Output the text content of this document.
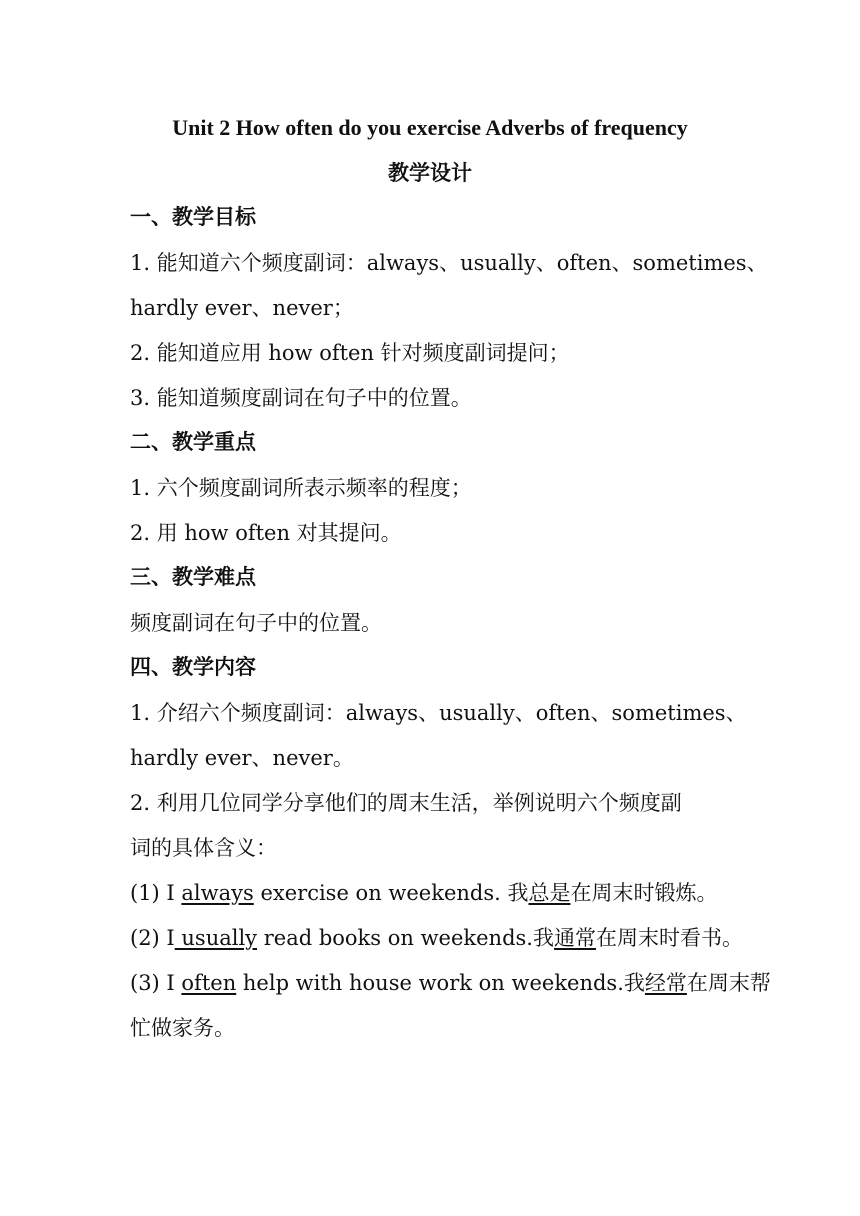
Unit 2 How often do you exercise Adverbs of frequency

教学设计

一、教学目标

1. 能知道六个频度副词：always、usually、often、sometimes、

hardly ever、never；

2. 能知道应用 how often 针对频度副词提问；

3. 能知道频度副词在句子中的位置。

二、教学重点

1. 六个频度副词所表示频率的程度；

2. 用 how often 对其提问。

三、教学难点

频度副词在句子中的位置。

四、教学内容

1. 介绍六个频度副词：always、usually、often、sometimes、

hardly ever、never。

2. 利用几位同学分享他们的周末生活，举例说明六个频度副

词的具体含义：

(1) I always exercise on weekends. 我总是在周末时锻炼。

(2) I usually read books on weekends.我通常在周末时看书。

(3) I often help with house work on weekends.我经常在周末帮

忙做家务。
